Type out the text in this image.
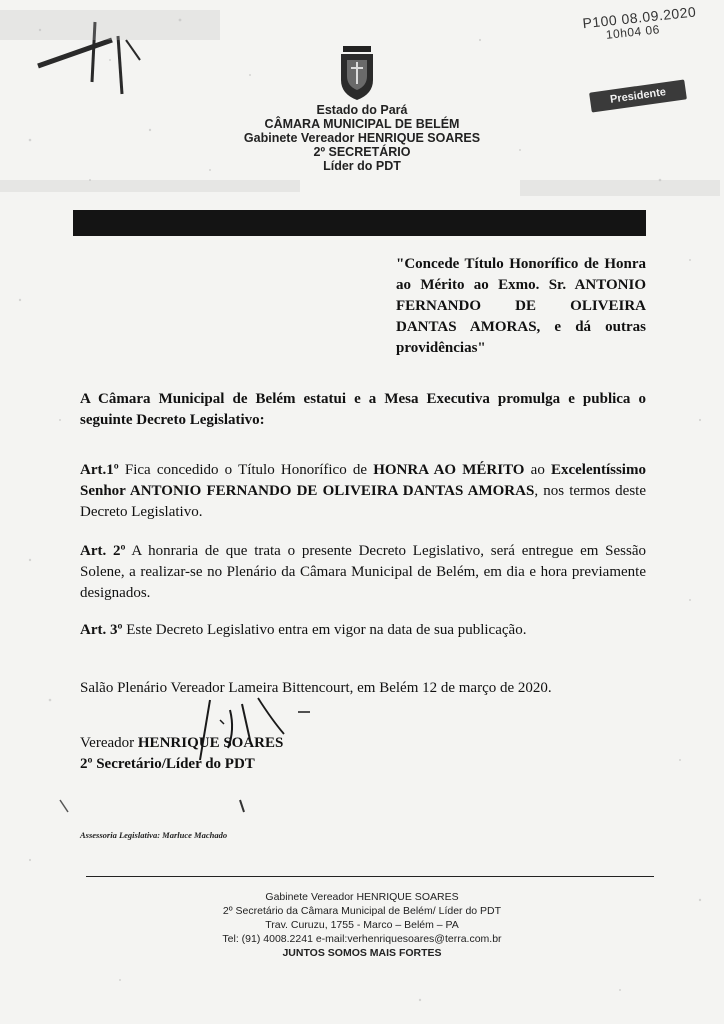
P100 08.09.2020
10h04 06
Presidente
Estado do Pará
CÂMARA MUNICIPAL DE BELÉM
Gabinete Vereador HENRIQUE SOARES
2º SECRETÁRIO
Líder do PDT
"Concede Título Honorífico de Honra ao Mérito ao Exmo. Sr. ANTONIO FERNANDO DE OLIVEIRA DANTAS AMORAS, e dá outras providências"
A Câmara Municipal de Belém estatui e a Mesa Executiva promulga e publica o seguinte Decreto Legislativo:
Art.1º Fica concedido o Título Honorífico de HONRA AO MÉRITO ao Excelentíssimo Senhor ANTONIO FERNANDO DE OLIVEIRA DANTAS AMORAS, nos termos deste Decreto Legislativo.
Art. 2º A honraria de que trata o presente Decreto Legislativo, será entregue em Sessão Solene, a realizar-se no Plenário da Câmara Municipal de Belém, em dia e hora previamente designados.
Art. 3º Este Decreto Legislativo entra em vigor na data de sua publicação.
Salão Plenário Vereador Lameira Bittencourt, em Belém 12 de março de 2020.
Vereador HENRIQUE SOARES
2º Secretário/Líder do PDT
Assessoria Legislativa: Marluce Machado
Gabinete Vereador HENRIQUE SOARES
2º Secretário da Câmara Municipal de Belém/ Líder do PDT
Trav. Curuzu, 1755 - Marco – Belém – PA
Tel: (91) 4008.2241 e-mail:verhenriquesoares@terra.com.br
JUNTOS SOMOS MAIS FORTES
